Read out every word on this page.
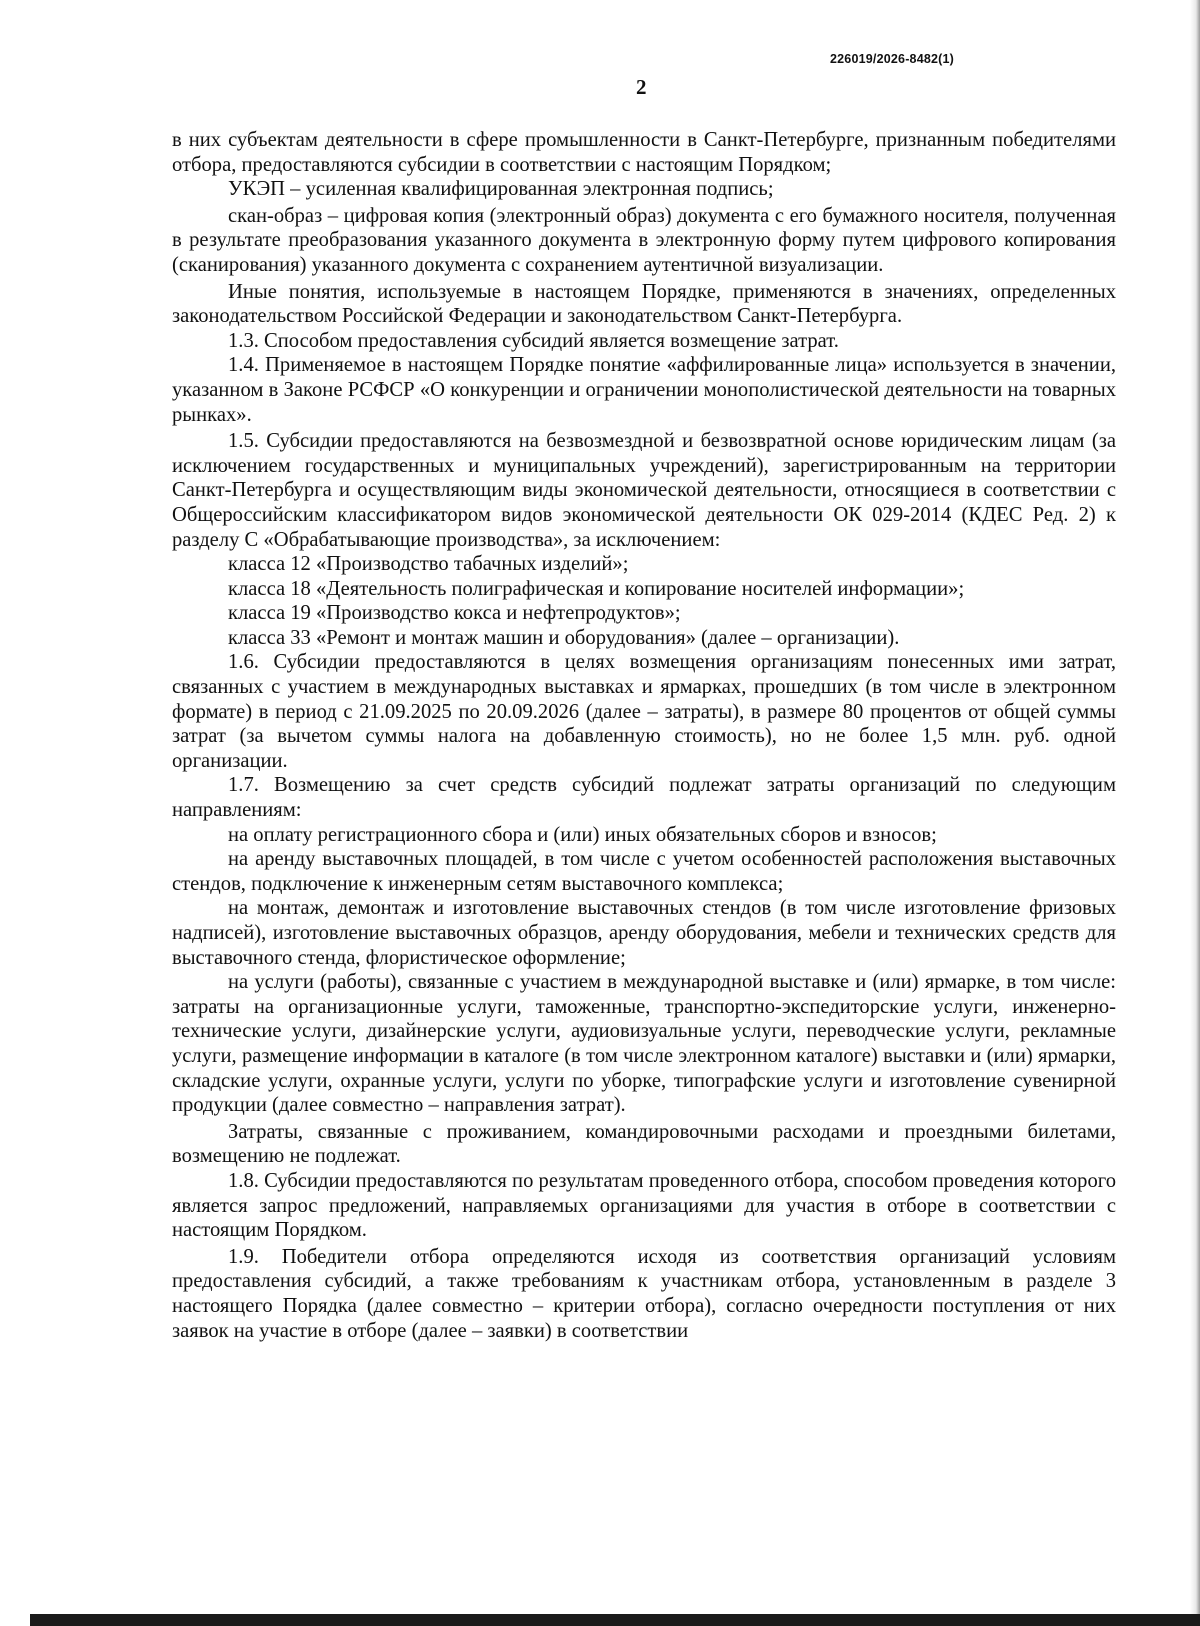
226019/2026-8482(1)
2

в них субъектам деятельности в сфере промышленности в Санкт-Петербурге, признанным победителями отбора, предоставляются субсидии в соответствии с настоящим Порядком;

УКЭП – усиленная квалифицированная электронная подпись;

скан-образ – цифровая копия (электронный образ) документа с его бумажного носителя, полученная в результате преобразования указанного документа в электронную форму путем цифрового копирования (сканирования) указанного документа с сохранением аутентичной визуализации.

Иные понятия, используемые в настоящем Порядке, применяются в значениях, определенных законодательством Российской Федерации и законодательством Санкт-Петербурга.

1.3. Способом предоставления субсидий является возмещение затрат.

1.4. Применяемое в настоящем Порядке понятие «аффилированные лица» используется в значении, указанном в Законе РСФСР «О конкуренции и ограничении монополистической деятельности на товарных рынках».

1.5. Субсидии предоставляются на безвозмездной и безвозвратной основе юридическим лицам (за исключением государственных и муниципальных учреждений), зарегистрированным на территории Санкт-Петербурга и осуществляющим виды экономической деятельности, относящиеся в соответствии с Общероссийским классификатором видов экономической деятельности ОК 029-2014 (КДЕС Ред. 2) к разделу С «Обрабатывающие производства», за исключением:

класса 12 «Производство табачных изделий»;

класса 18 «Деятельность полиграфическая и копирование носителей информации»;

класса 19 «Производство кокса и нефтепродуктов»;

класса 33 «Ремонт и монтаж машин и оборудования» (далее – организации).

1.6. Субсидии предоставляются в целях возмещения организациям понесенных ими затрат, связанных с участием в международных выставках и ярмарках, прошедших (в том числе в электронном формате) в период с 21.09.2025 по 20.09.2026 (далее – затраты), в размере 80 процентов от общей суммы затрат (за вычетом суммы налога на добавленную стоимость), но не более 1,5 млн. руб. одной организации.

1.7. Возмещению за счет средств субсидий подлежат затраты организаций по следующим направлениям:

на оплату регистрационного сбора и (или) иных обязательных сборов и взносов;

на аренду выставочных площадей, в том числе с учетом особенностей расположения выставочных стендов, подключение к инженерным сетям выставочного комплекса;

на монтаж, демонтаж и изготовление выставочных стендов (в том числе изготовление фризовых надписей), изготовление выставочных образцов, аренду оборудования, мебели и технических средств для выставочного стенда, флористическое оформление;

на услуги (работы), связанные с участием в международной выставке и (или) ярмарке, в том числе: затраты на организационные услуги, таможенные, транспортно-экспедиторские услуги, инженерно-технические услуги, дизайнерские услуги, аудиовизуальные услуги, переводческие услуги, рекламные услуги, размещение информации в каталоге (в том числе электронном каталоге) выставки и (или) ярмарки, складские услуги, охранные услуги, услуги по уборке, типографские услуги и изготовление сувенирной продукции (далее совместно – направления затрат).

Затраты, связанные с проживанием, командировочными расходами и проездными билетами, возмещению не подлежат.

1.8. Субсидии предоставляются по результатам проведенного отбора, способом проведения которого является запрос предложений, направляемых организациями для участия в отборе в соответствии с настоящим Порядком.

1.9. Победители отбора определяются исходя из соответствия организаций условиям предоставления субсидий, а также требованиям к участникам отбора, установленным в разделе 3 настоящего Порядка (далее совместно – критерии отбора), согласно очередности поступления от них заявок на участие в отборе (далее – заявки) в соответствии
